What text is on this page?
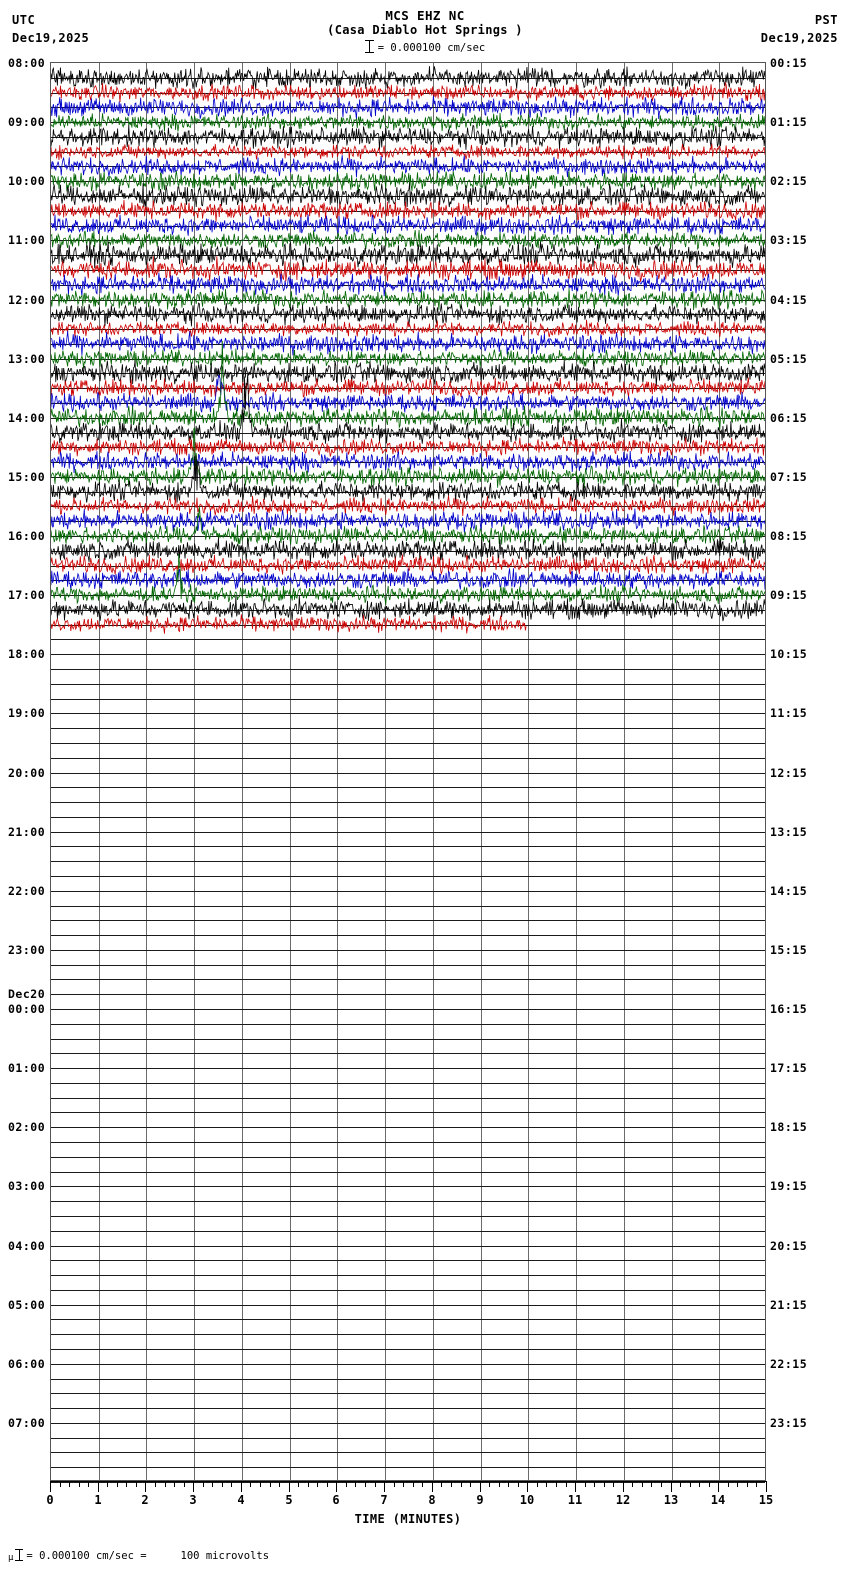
UTC
Dec19,2025
PST
Dec19,2025
MCS EHZ NC
(Casa Diablo Hot Springs )
= 0.000100 cm/sec
08:00
09:00
10:00
11:00
12:00
13:00
14:00
15:00
16:00
17:00
18:00
19:00
20:00
21:00
22:00
23:00
00:00
01:00
02:00
03:00
04:00
05:00
06:00
07:00
00:15
01:15
02:15
03:15
04:15
05:15
06:15
07:15
08:15
09:15
10:15
11:15
12:15
13:15
14:15
15:15
16:15
17:15
18:15
19:15
20:15
21:15
22:15
23:15
Dec20
0	1	2	3	4	5	6	7	8	9	10	11	12	13	14	15
TIME (MINUTES)
μ = 0.000100 cm/sec =	100 microvolts
